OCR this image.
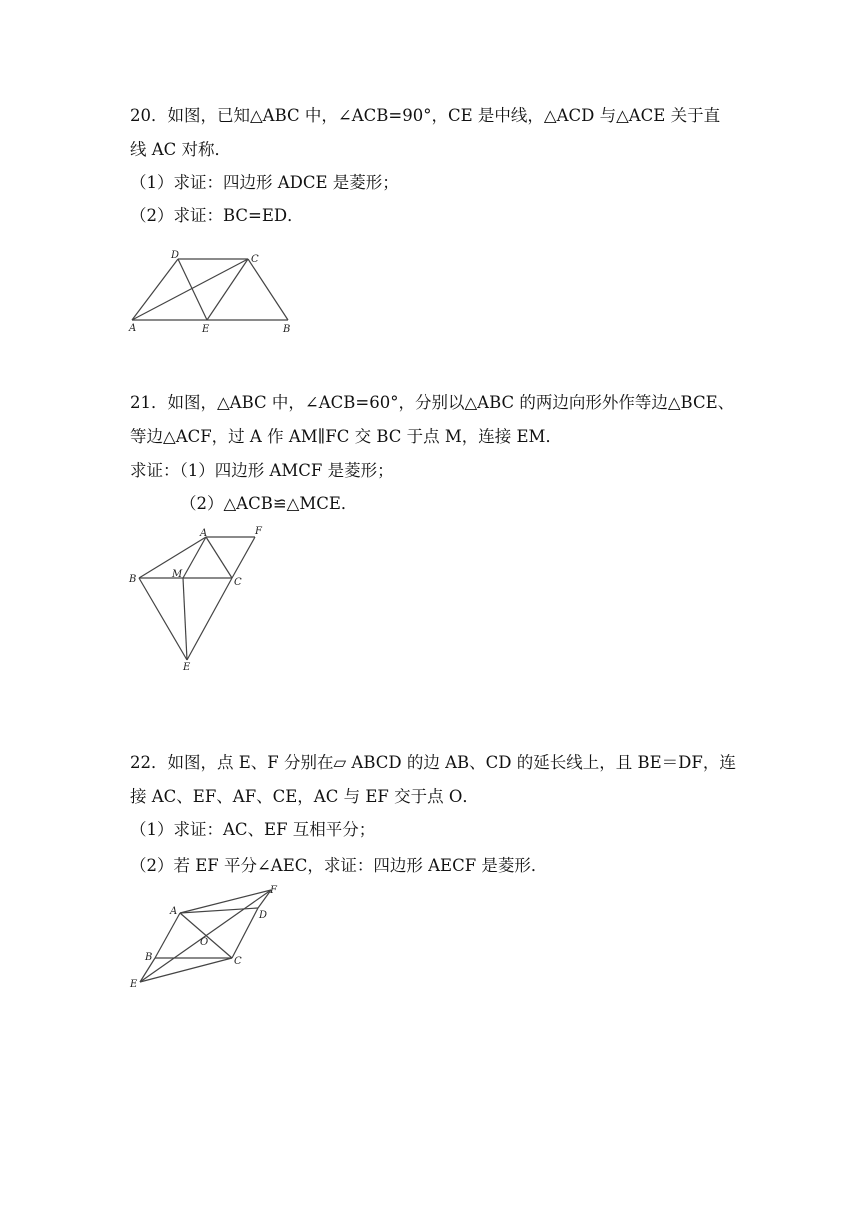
20．如图，已知△ABC 中，∠ACB=90°，CE 是中线，△ACD 与△ACE 关于直
线 AC 对称．
（1）求证：四边形 ADCE 是菱形；
（2）求证：BC=ED．
A
D	C
E	B
21．如图，△ABC 中，∠ACB=60°，分别以△ABC 的两边向形外作等边△BCE、
等边△ACF，过 A 作 AM∥FC 交 BC 于点 M，连接 EM．
求证：（1）四边形 AMCF 是菱形；
（2）△ACB≌△MCE．
A	F
B	M
C
E
22．如图，点 E、F 分别在▱ ABCD 的边 AB、CD 的延长线上，且 BE＝DF，连
接 AC、EF、AF、CE，AC 与 EF 交于点 O．
（1）求证：AC、EF 互相平分；
（2）若 EF 平分∠AEC，求证：四边形 AECF 是菱形．
A
F
D
O
B	C
E
